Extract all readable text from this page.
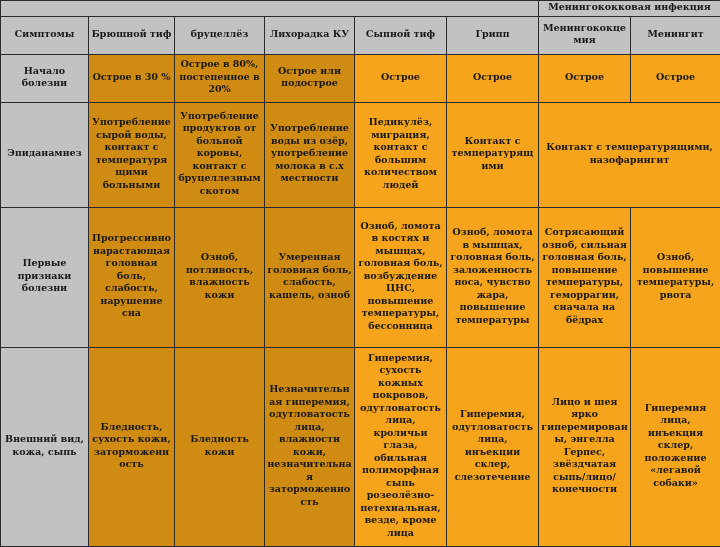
						Менингококковая инфекция	
Симптомы	Брюшной тиф	бруцеллёз	Лихорадка КУ	Сыпной тиф	Грипп	Менингококцемия	Менингит
Начало болезни	Острое в 30 %	Острое в 80%, постепенное в 20%	Острое или подострое	Острое	Острое	Острое	Острое
Эпиданамнез	Употребление сырой воды, контакт с температурящими больными	Употребление продуктов от больной коровы, контакт с бруцеллезным скотом	Употребление воды из озёр, употребление молока в с.х местности	Педикулёз, миграция, контакт с большим количеством людей	Контакт с температурящими	Контакт с температурящими, назофарингит	
Первые признаки болезни	Прогрессивно нарастающая головная боль, слабость, нарушение сна	Озноб, потливость, влажность кожи	Умеренная головная боль, слабость, кашель, озноб	Озноб, ломота в костях и мышцах, головная боль, возбуждение ЦНС, повышение температуры, бессонница	Озноб, ломота в мышцах, головная боль, заложенность носа, чувство жара, повышение температуры	Сотрясающий озноб, сильная головная боль, повышение температуры, геморрагии, сначала на бёдрах	Озноб, повышение температуры, рвота
Внешний вид, кожа, сыпь	Бледность, сухость кожи, заторможенность	Бледность кожи	Незначительная гиперемия, одутловатость лица, влажности кожи, незначительная заторможенность	Гиперемия, сухость кожных покровов, одутловатость лица, кроличьи глаза, обильная полиморфная сыпь розеолёзно-петехиальная, везде, кроме лица	Гиперемия, одутловатость лица, инъекции склер, слезотечение	Лицо и шея ярко гиперемированы, энгелла Герпес, звёздчатая сыпь/лицо/конечности	Гиперемия лица, инъекция склер, положение «легавой собаки»
